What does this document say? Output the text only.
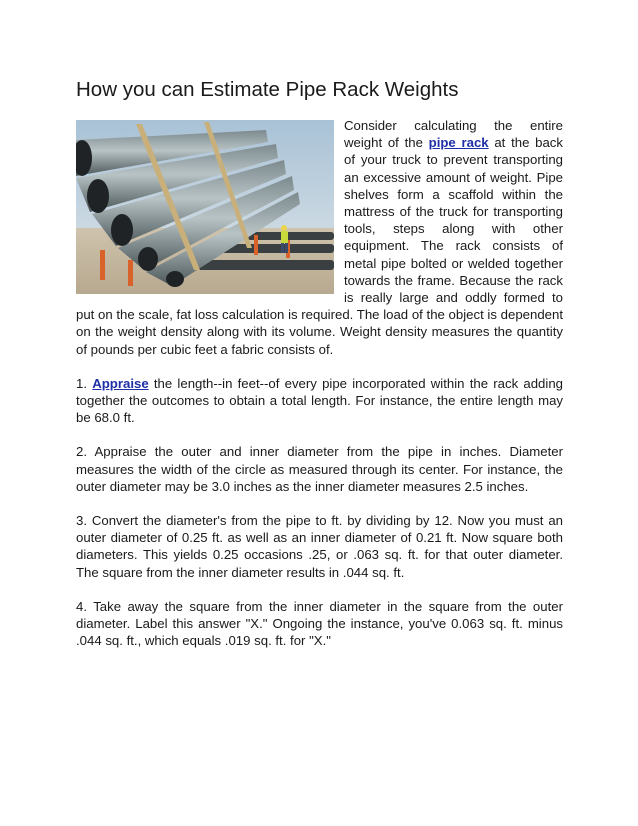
How you can Estimate Pipe Rack Weights

Consider calculating the entire weight of the pipe rack at the back of your truck to prevent transporting an excessive amount of weight. Pipe shelves form a scaffold within the mattress of the truck for transporting tools, steps along with other equipment. The rack consists of metal pipe bolted or welded together towards the frame. Because the rack is really large and oddly formed to put on the scale, fat loss calculation is required. The load of the object is dependent on the weight density along with its volume. Weight density measures the quantity of pounds per cubic feet a fabric consists of.

1. Appraise the length--in feet--of every pipe incorporated within the rack adding together the outcomes to obtain a total length. For instance, the entire length may be 68.0 ft.

2. Appraise the outer and inner diameter from the pipe in inches. Diameter measures the width of the circle as measured through its center. For instance, the outer diameter may be 3.0 inches as the inner diameter measures 2.5 inches.

3. Convert the diameter's from the pipe to ft. by dividing by 12. Now you must an outer diameter of 0.25 ft. as well as an inner diameter of 0.21 ft. Now square both diameters. This yields 0.25 occasions .25, or .063 sq. ft. for that outer diameter. The square from the inner diameter results in .044 sq. ft.

4. Take away the square from the inner diameter in the square from the outer diameter. Label this answer "X." Ongoing the instance, you've 0.063 sq. ft. minus .044 sq. ft., which equals .019 sq. ft. for "X."
